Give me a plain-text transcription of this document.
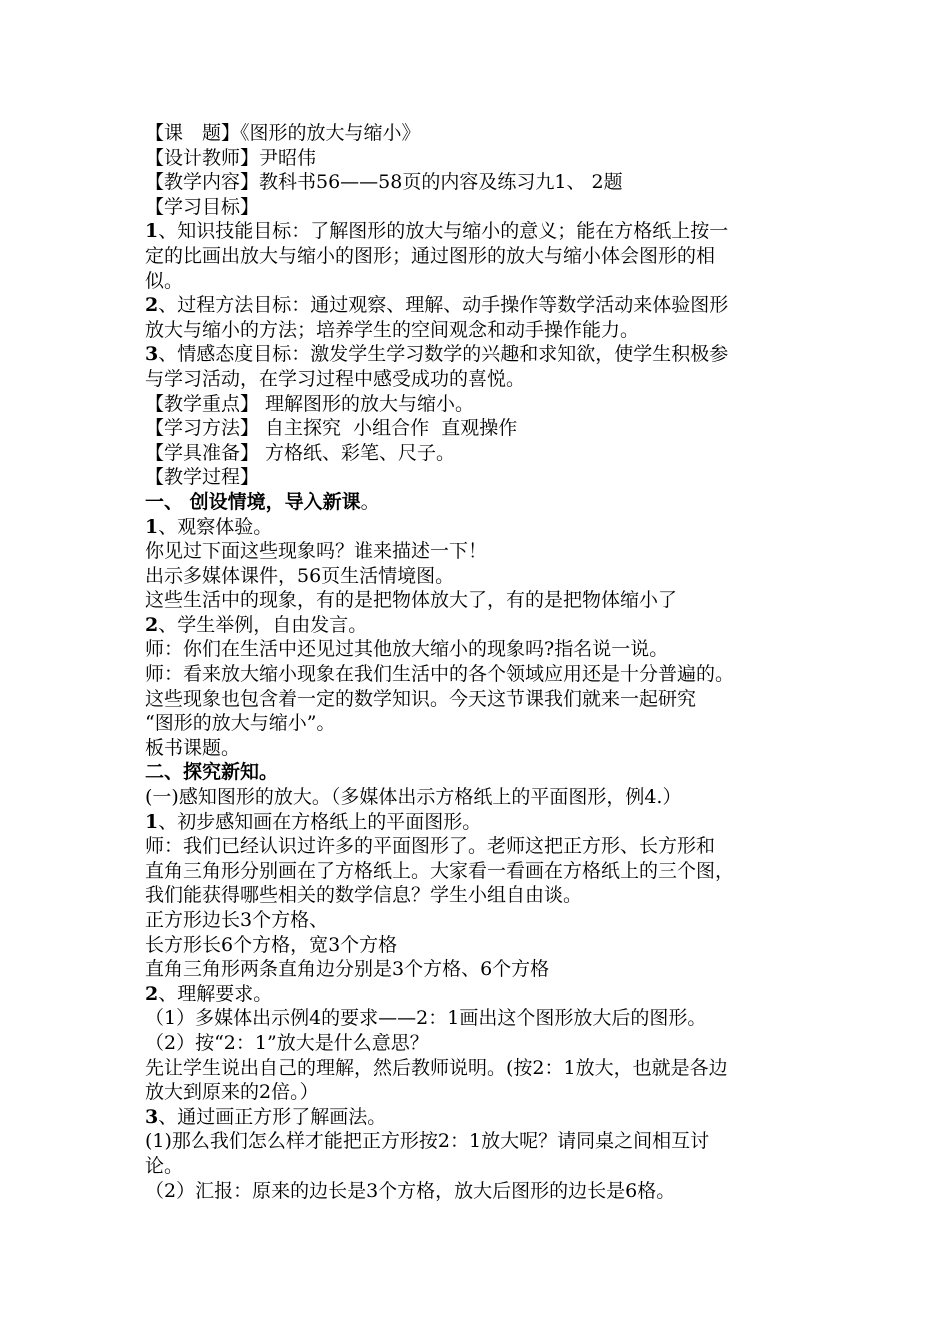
【课　题】《图形的放大与缩小》
【设计教师】尹昭伟
【教学内容】教科书56——58页的内容及练习九1、 2题
【学习目标】
1、知识技能目标：了解图形的放大与缩小的意义；能在方格纸上按一
定的比画出放大与缩小的图形；通过图形的放大与缩小体会图形的相
似。
2、过程方法目标：通过观察、理解、动手操作等数学活动来体验图形
放大与缩小的方法；培养学生的空间观念和动手操作能力。
3、情感态度目标：激发学生学习数学的兴趣和求知欲，使学生积极参
与学习活动，在学习过程中感受成功的喜悦。
【教学重点】 理解图形的放大与缩小。
【学习方法】 自主探究  小组合作  直观操作
【学具准备】 方格纸、彩笔、尺子。
【教学过程】
一、 创设情境，导入新课。
1、观察体验。
你见过下面这些现象吗？谁来描述一下！
出示多媒体课件，56页生活情境图。
这些生活中的现象，有的是把物体放大了，有的是把物体缩小了
2、学生举例，自由发言。
师：你们在生活中还见过其他放大缩小的现象吗?指名说一说。
师：看来放大缩小现象在我们生活中的各个领域应用还是十分普遍的。
这些现象也包含着一定的数学知识。今天这节课我们就来一起研究
“图形的放大与缩小”。
板书课题。
二、探究新知。
(一)感知图形的放大。（多媒体出示方格纸上的平面图形，例4.）
1、初步感知画在方格纸上的平面图形。
师：我们已经认识过许多的平面图形了。老师这把正方形、长方形和
直角三角形分别画在了方格纸上。大家看一看画在方格纸上的三个图，
我们能获得哪些相关的数学信息？学生小组自由谈。
正方形边长3个方格、
长方形长6个方格，宽3个方格
直角三角形两条直角边分别是3个方格、6个方格
2、理解要求。
（1）多媒体出示例4的要求——2：1画出这个图形放大后的图形。
（2）按“2：1”放大是什么意思？
先让学生说出自己的理解，然后教师说明。(按2：1放大，也就是各边
放大到原来的2倍。）
3、通过画正方形了解画法。
(1)那么我们怎么样才能把正方形按2：1放大呢？请同桌之间相互讨
论。
（2）汇报：原来的边长是3个方格，放大后图形的边长是6格。
